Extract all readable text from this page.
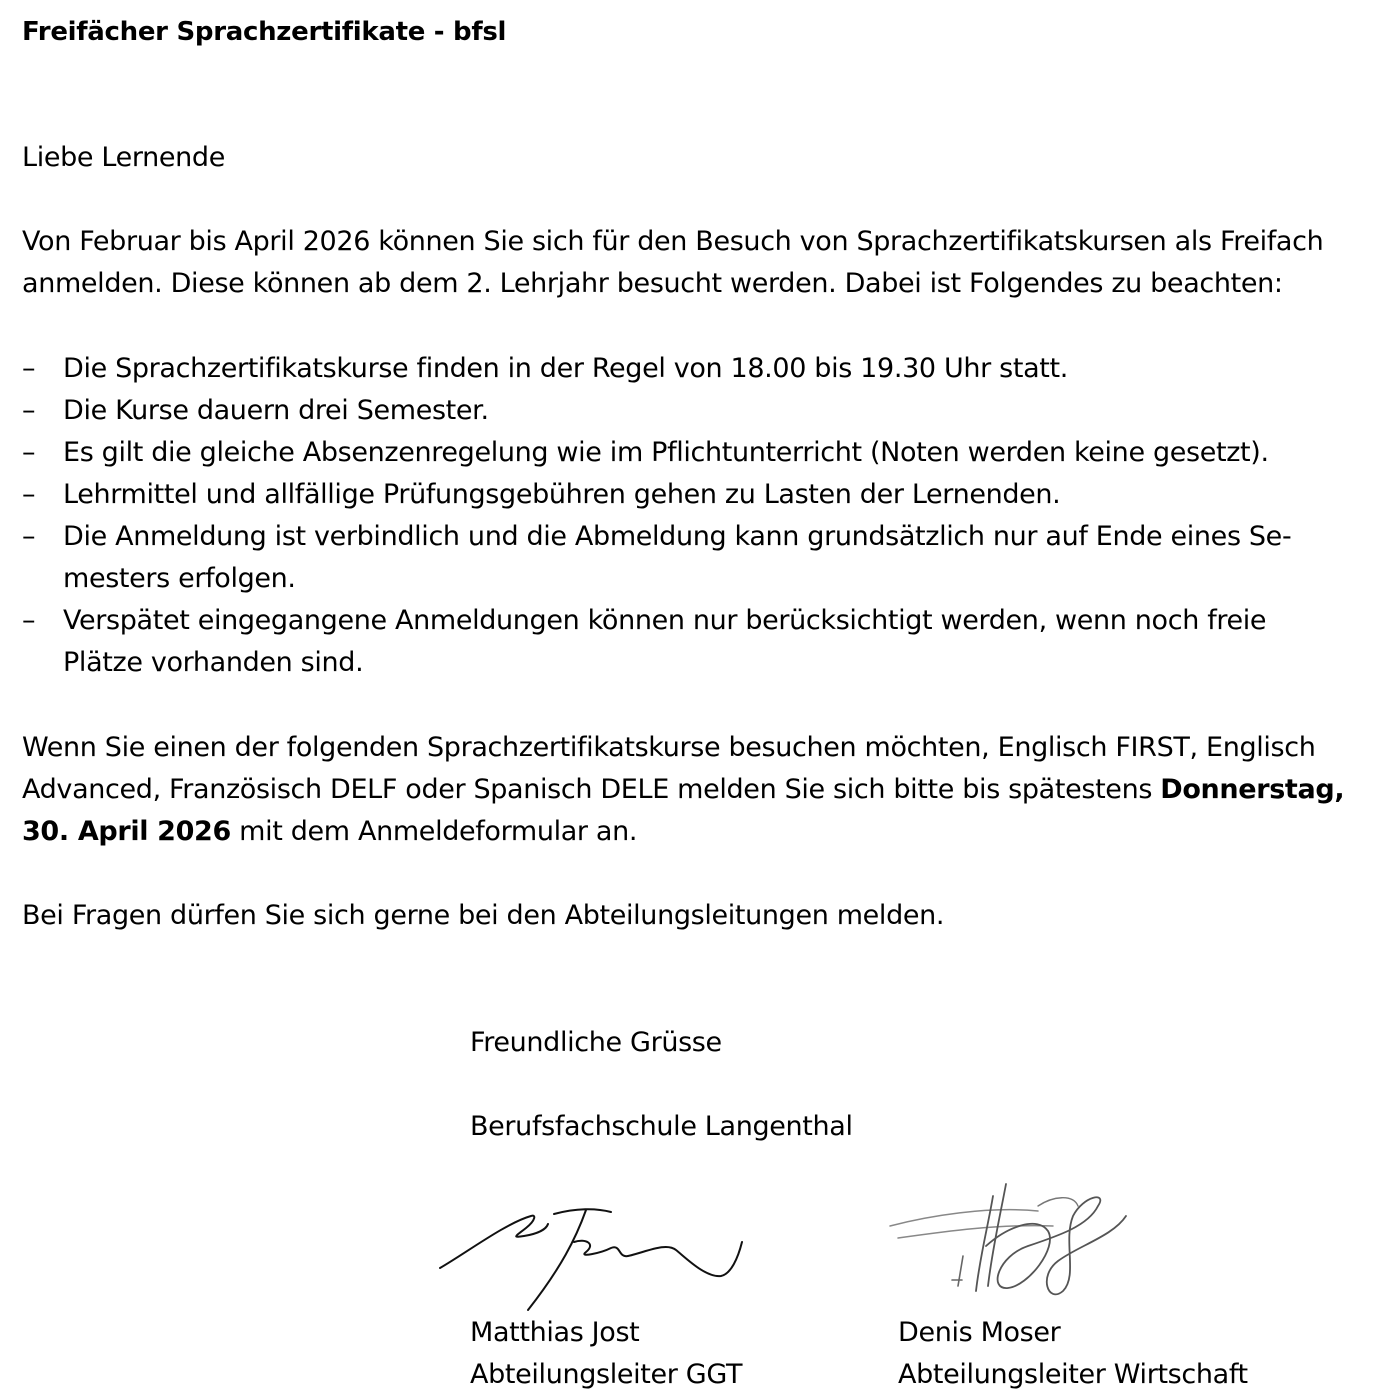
Freifächer Sprachzertifikate - bfsl
Liebe Lernende
Von Februar bis April 2026 können Sie sich für den Besuch von Sprachzertifikatskursen als Freifach
anmelden. Diese können ab dem 2. Lehrjahr besucht werden. Dabei ist Folgendes zu beachten:
– Die Sprachzertifikatskurse finden in der Regel von 18.00 bis 19.30 Uhr statt.
– Die Kurse dauern drei Semester.
– Es gilt die gleiche Absenzenregelung wie im Pflichtunterricht (Noten werden keine gesetzt).
– Lehrmittel und allfällige Prüfungsgebühren gehen zu Lasten der Lernenden.
– Die Anmeldung ist verbindlich und die Abmeldung kann grundsätzlich nur auf Ende eines Se-
mesters erfolgen.
– Verspätet eingegangene Anmeldungen können nur berücksichtigt werden, wenn noch freie
Plätze vorhanden sind.
Wenn Sie einen der folgenden Sprachzertifikatskurse besuchen möchten, Englisch FIRST, Englisch
Advanced, Französisch DELF oder Spanisch DELE melden Sie sich bitte bis spätestens Donnerstag,
30. April 2026 mit dem Anmeldeformular an.
Bei Fragen dürfen Sie sich gerne bei den Abteilungsleitungen melden.
Freundliche Grüsse
Berufsfachschule Langenthal
Matthias Jost
Abteilungsleiter GGT
Denis Moser
Abteilungsleiter Wirtschaft
